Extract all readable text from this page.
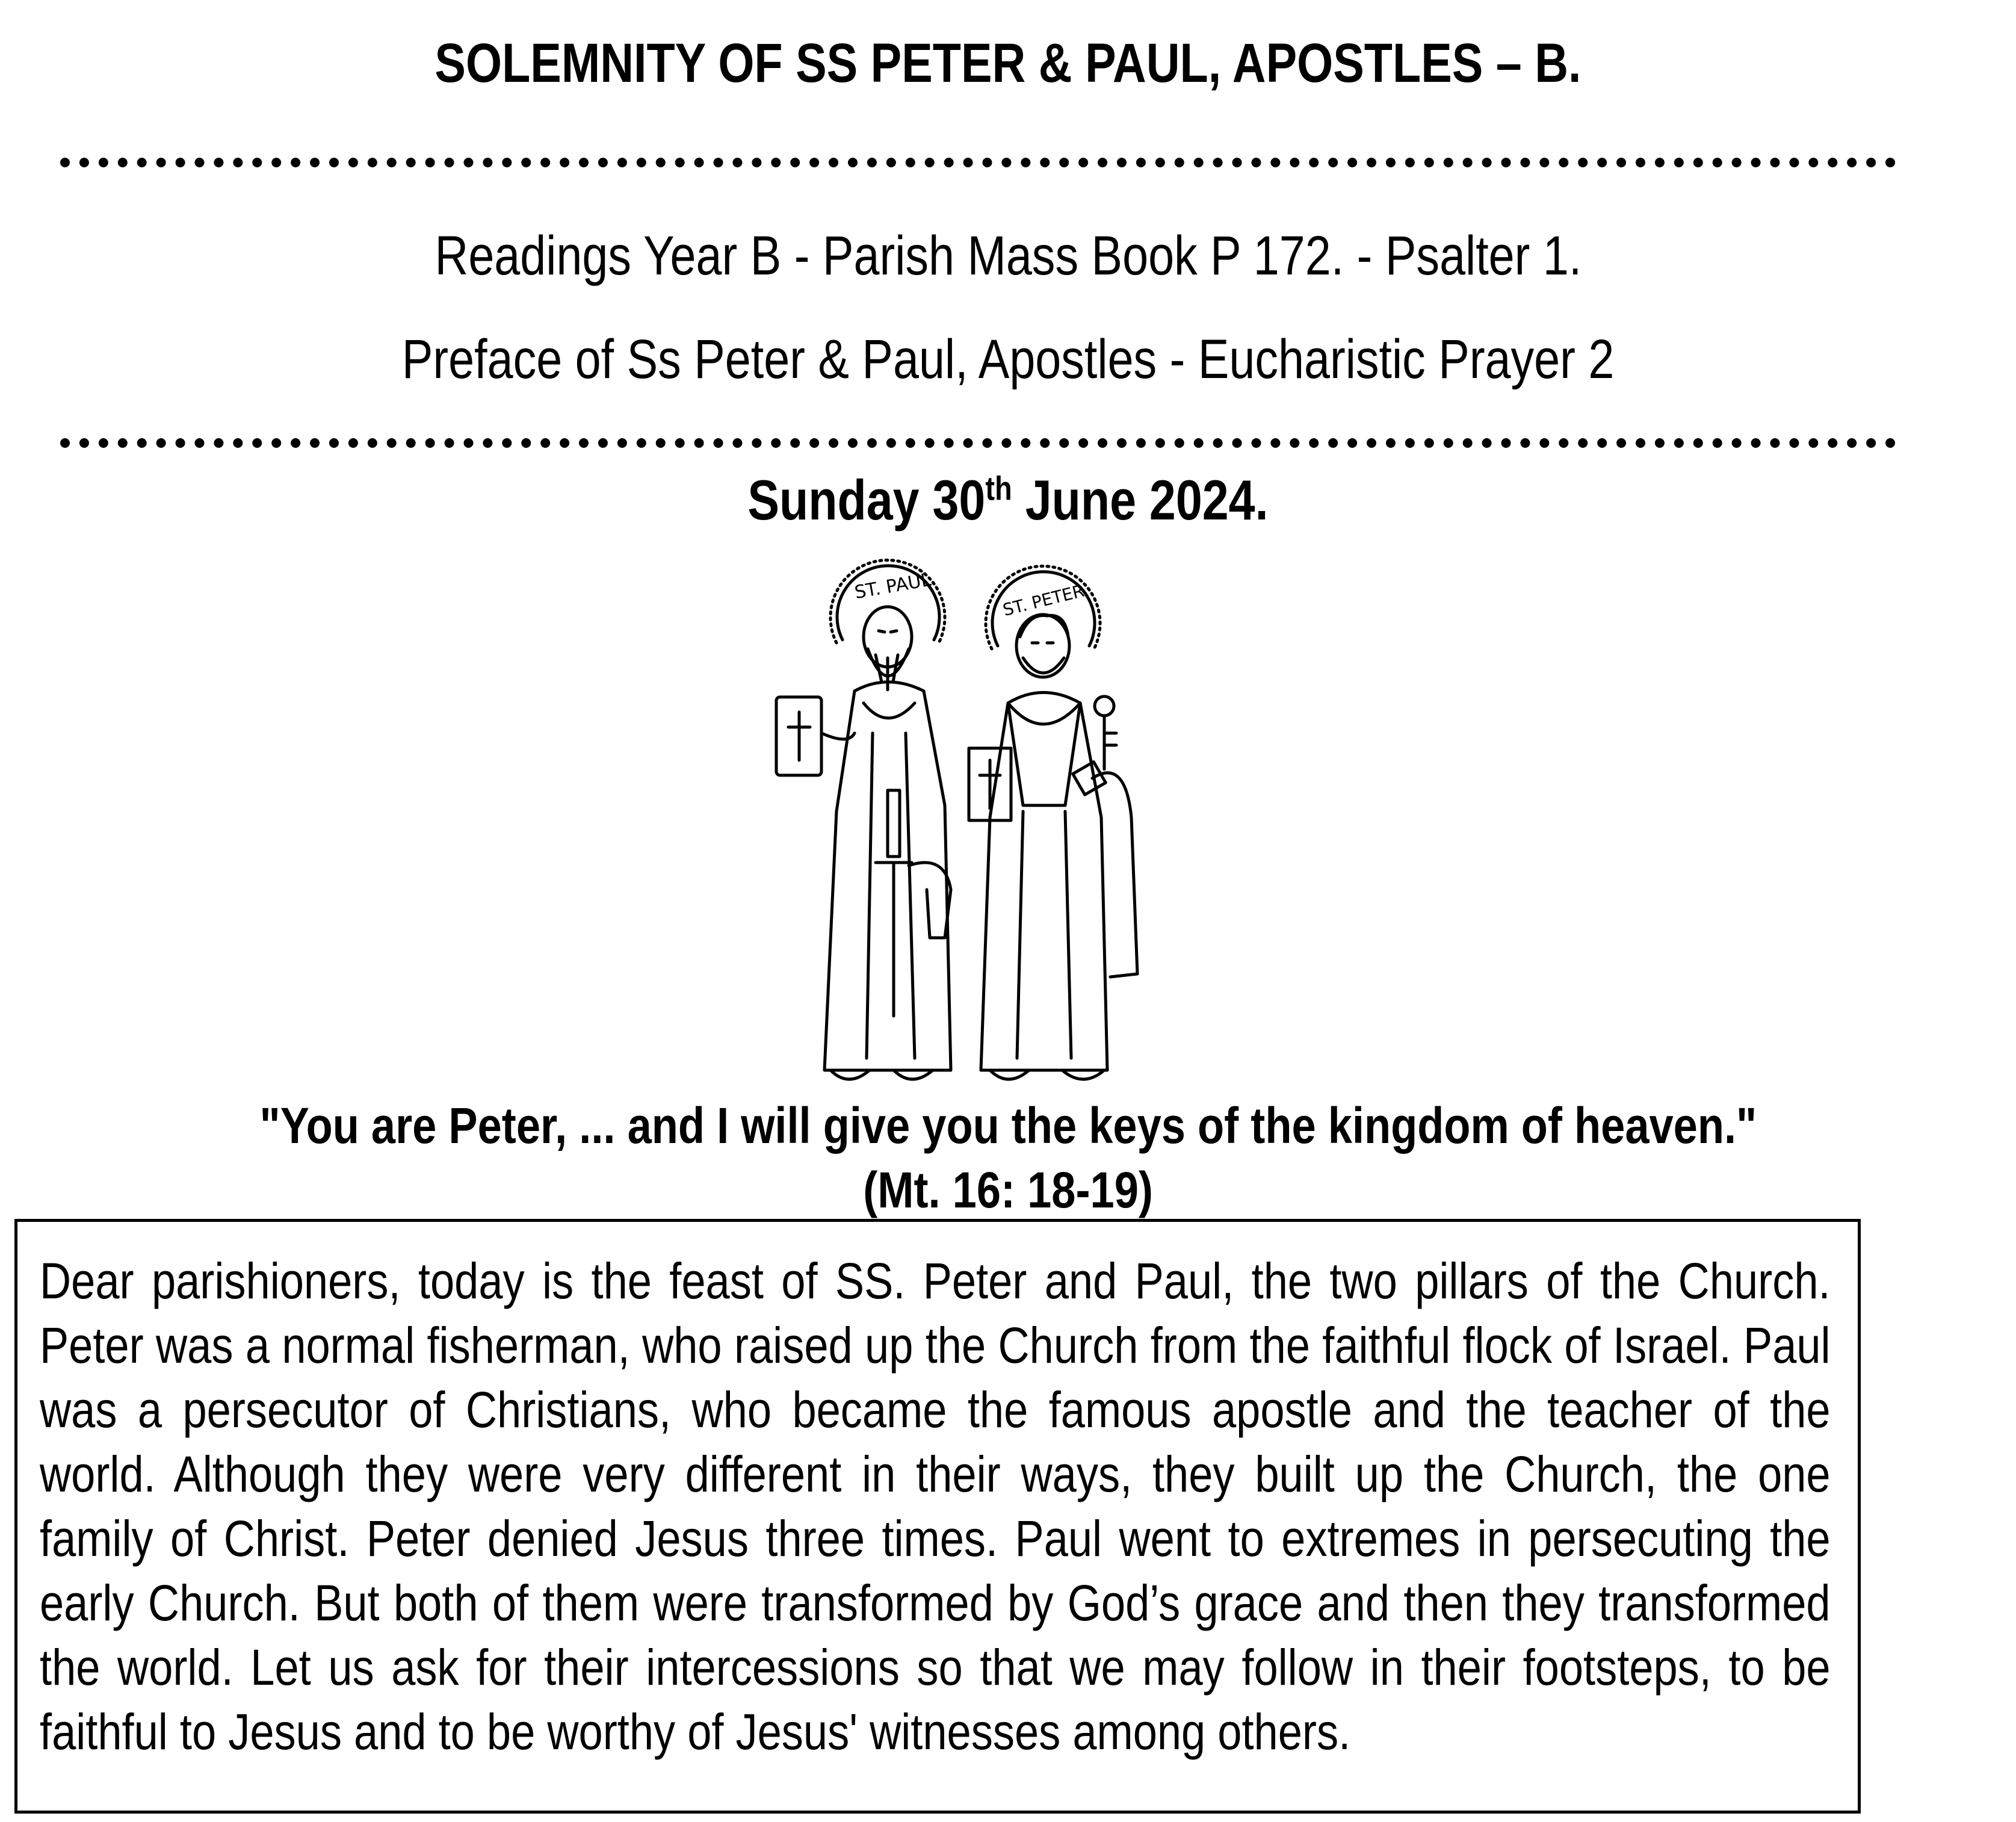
SOLEMNITY OF SS PETER & PAUL, APOSTLES – B.
Readings Year B - Parish Mass Book P 172. - Psalter 1.
Preface of Ss Peter & Paul, Apostles - Eucharistic Prayer 2
Sunday 30th June 2024.
ST. PAUL	ST. PETER
"You are Peter, ... and I will give you the keys of the kingdom of heaven."
(Mt. 16: 18-19)
Dear parishioners, today is the feast of SS. Peter and Paul, the two pillars of the Church. Peter was a normal fisherman, who raised up the Church from the faithful flock of Israel. Paul was a persecutor of Christians, who became the famous apostle and the teacher of the world. Although they were very different in their ways, they built up the Church, the one family of Christ. Peter denied Jesus three times. Paul went to extremes in persecuting the early Church. But both of them were transformed by God’s grace and then they transformed the world. Let us ask for their intercessions so that we may follow in their footsteps, to be faithful to Jesus and to be worthy of Jesus' witnesses among others.
